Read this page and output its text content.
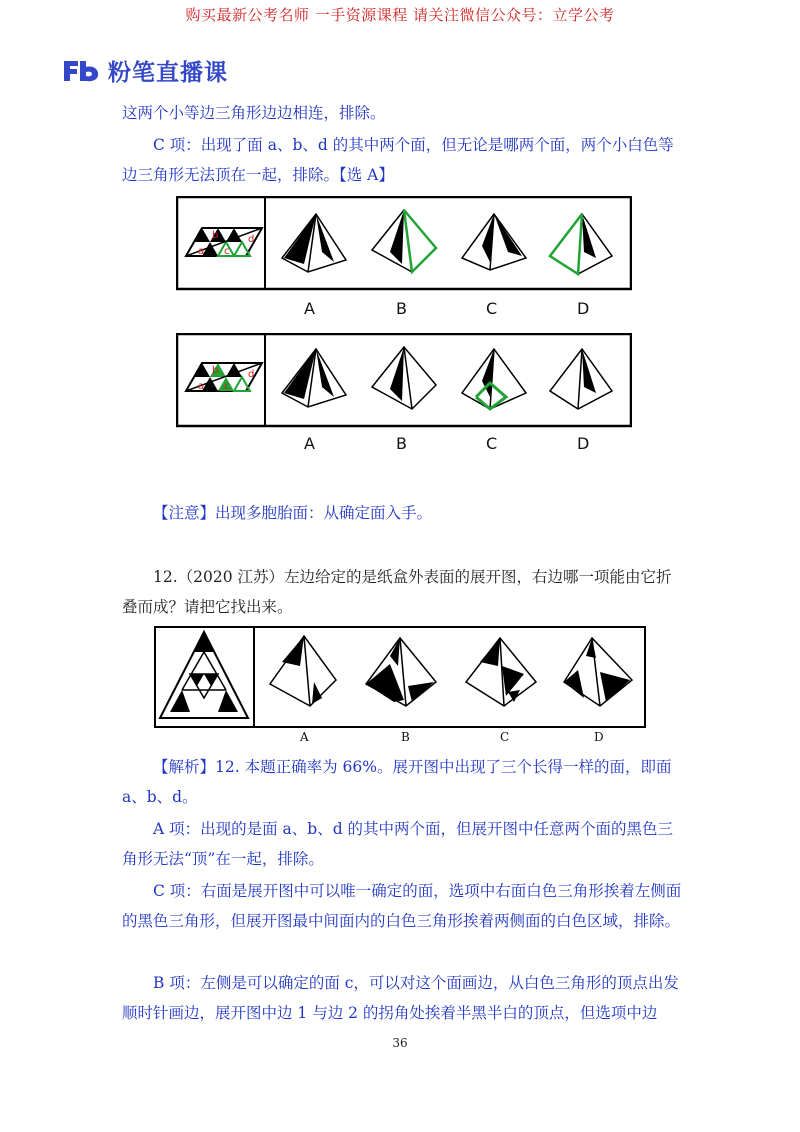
购买最新公考名师 一手资源课程 请关注微信公众号：立学公考
粉笔直播课

这两个小等边三角形边边相连，排除。

C 项：出现了面 a、b、d 的其中两个面，但无论是哪两个面，两个小白色等边三角形无法顶在一起，排除。【选 A】

a
b
c
d
A	B	C	D
a
b
c
d
A	B	C	D

【注意】出现多胞胎面：从确定面入手。

12.（2020 江苏）左边给定的是纸盒外表面的展开图，右边哪一项能由它折叠而成？请把它找出来。

A	B	C	D

【解析】12. 本题正确率为 66%。展开图中出现了三个长得一样的面，即面 a、b、d。

A 项：出现的是面 a、b、d 的其中两个面，但展开图中任意两个面的黑色三角形无法“顶”在一起，排除。

C 项：右面是展开图中可以唯一确定的面，选项中右面白色三角形挨着左侧面的黑色三角形，但展开图最中间面内的白色三角形挨着两侧面的白色区域，排除。

B 项：左侧是可以确定的面 c，可以对这个面画边，从白色三角形的顶点出发顺时针画边，展开图中边 1 与边 2 的拐角处挨着半黑半白的顶点，但选项中边

36
